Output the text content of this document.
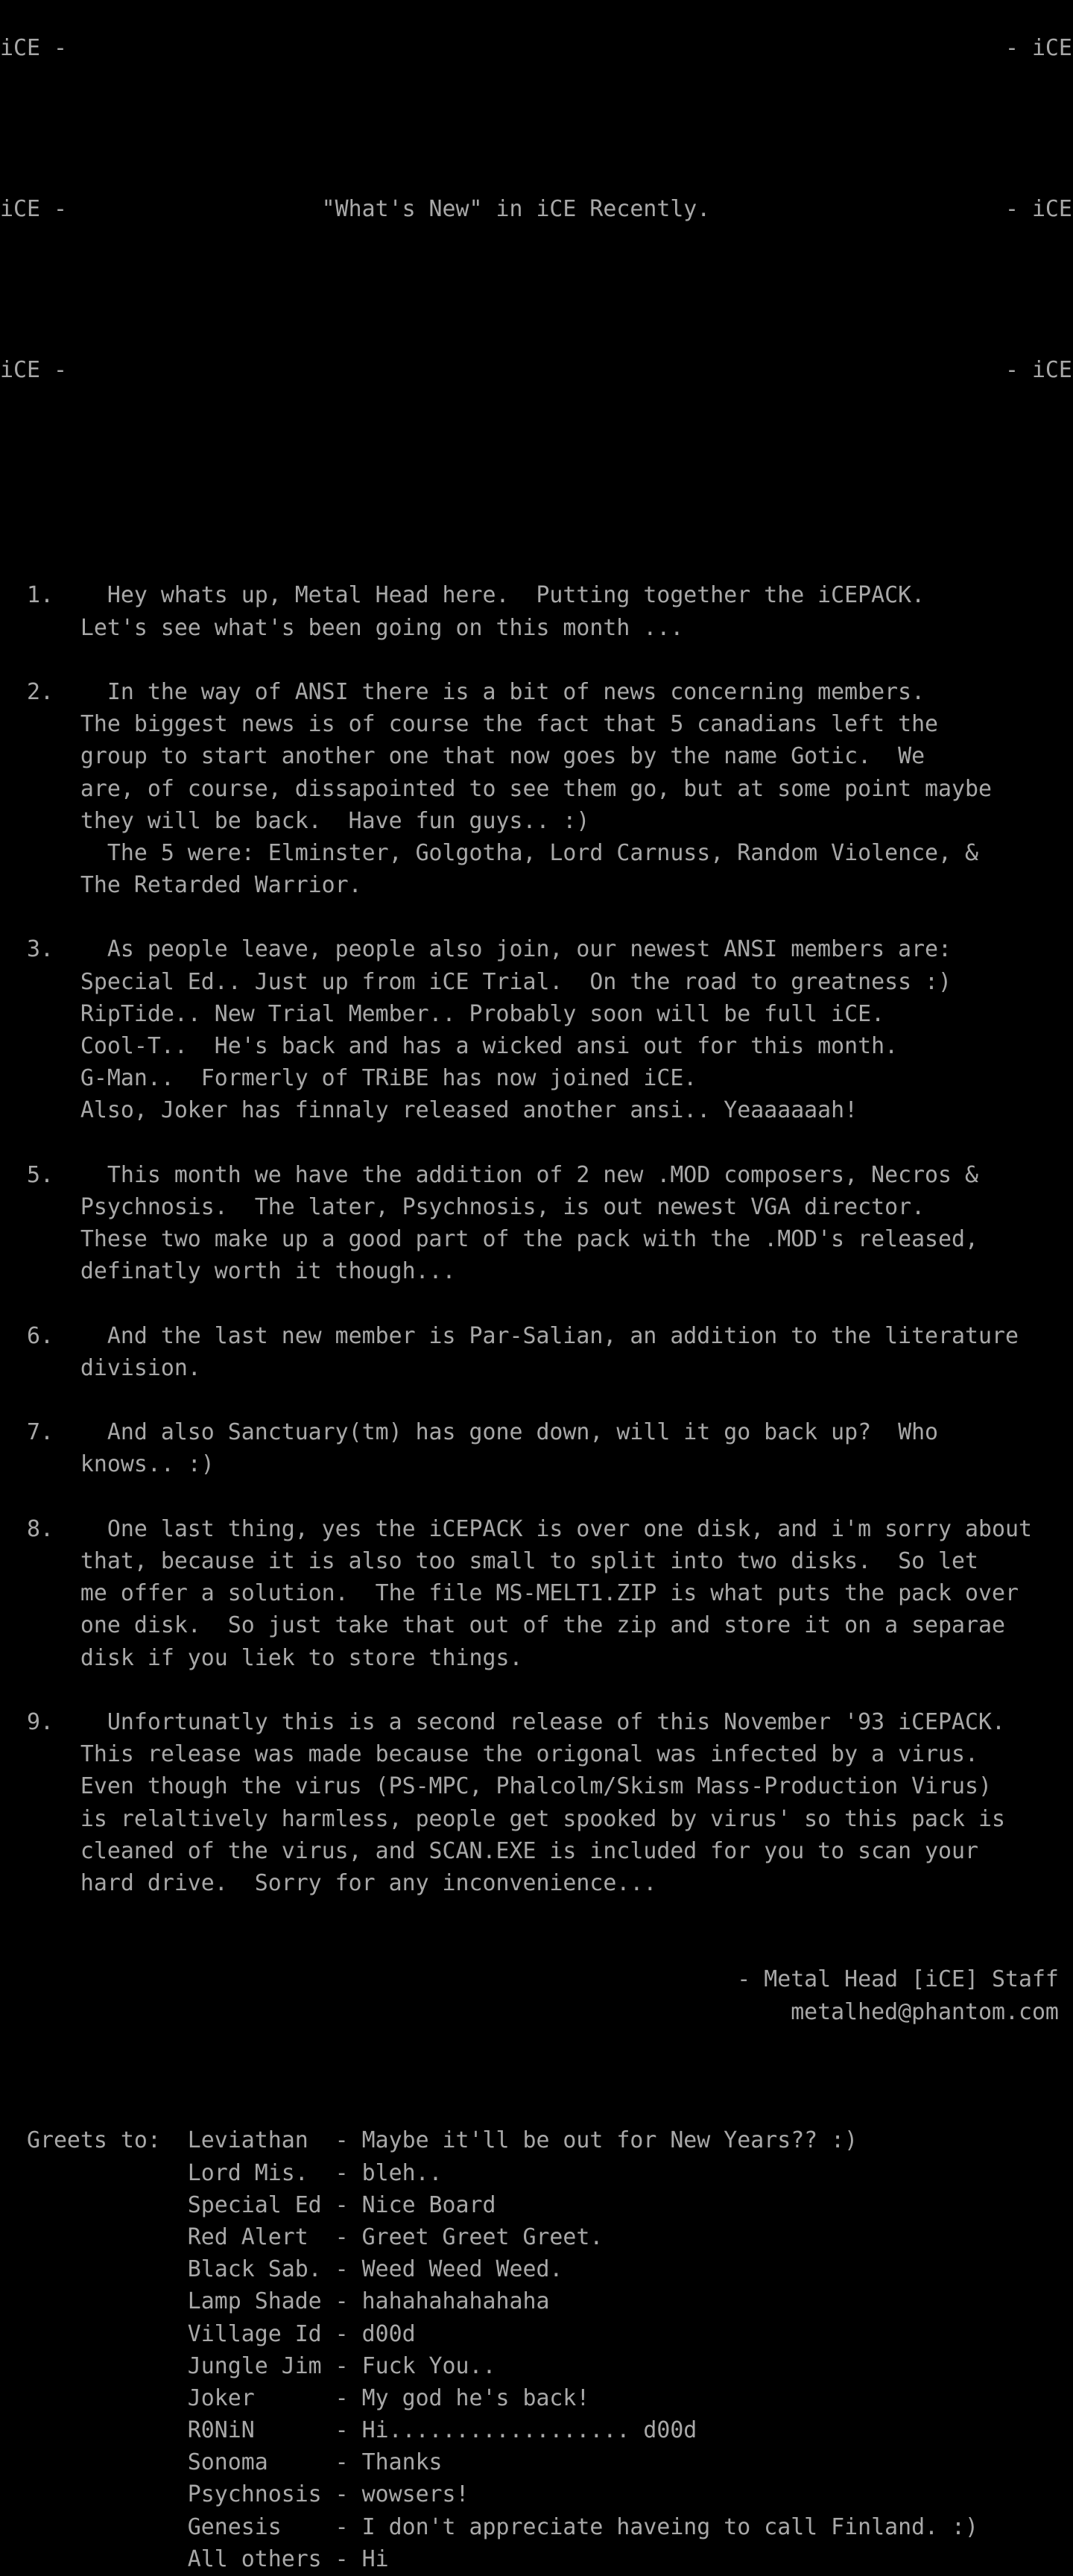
iCE -                                                                      - iCE
iCE -                   "What's New" in iCE Recently.                      - iCE
iCE -                                                                      - iCE
1.    Hey whats up, Metal Head here.  Putting together the iCEPACK.
Let's see what's been going on this month ...
2.    In the way of ANSI there is a bit of news concerning members.
The biggest news is of course the fact that 5 canadians left the
group to start another one that now goes by the name Gotic.  We
are, of course, dissapointed to see them go, but at some point maybe
they will be back.  Have fun guys.. :)
The 5 were: Elminster, Golgotha, Lord Carnuss, Random Violence, &
The Retarded Warrior.
3.    As people leave, people also join, our newest ANSI members are:
Special Ed.. Just up from iCE Trial.  On the road to greatness :)
RipTide.. New Trial Member.. Probably soon will be full iCE.
Cool-T..  He's back and has a wicked ansi out for this month.
G-Man..  Formerly of TRiBE has now joined iCE.
Also, Joker has finnaly released another ansi.. Yeaaaaaah!
5.    This month we have the addition of 2 new .MOD composers, Necros &
Psychnosis.  The later, Psychnosis, is out newest VGA director.
These two make up a good part of the pack with the .MOD's released,
definatly worth it though...
6.    And the last new member is Par-Salian, an addition to the literature
division.
7.    And also Sanctuary(tm) has gone down, will it go back up?  Who
knows.. :)
8.    One last thing, yes the iCEPACK is over one disk, and i'm sorry about
that, because it is also too small to split into two disks.  So let
me offer a solution.  The file MS-MELT1.ZIP is what puts the pack over
one disk.  So just take that out of the zip and store it on a separae
disk if you liek to store things.
9.    Unfortunatly this is a second release of this November '93 iCEPACK.
This release was made because the origonal was infected by a virus.
Even though the virus (PS-MPC, Phalcolm/Skism Mass-Production Virus)
is relaltively harmless, people get spooked by virus' so this pack is
cleaned of the virus, and SCAN.EXE is included for you to scan your
hard drive.  Sorry for any inconvenience...
- Metal Head [iCE] Staff
metalhed@phantom.com
Greets to:  Leviathan  - Maybe it'll be out for New Years?? :)
Lord Mis.  - bleh..
Special Ed - Nice Board
Red Alert  - Greet Greet Greet.
Black Sab. - Weed Weed Weed.
Lamp Shade - hahahahahahaha
Village Id - d00d
Jungle Jim - Fuck You..
Joker      - My god he's back!
R0NiN      - Hi.................. d00d
Sonoma     - Thanks
Psychnosis - wowsers!
Genesis    - I don't appreciate haveing to call Finland. :)
All others - Hi
